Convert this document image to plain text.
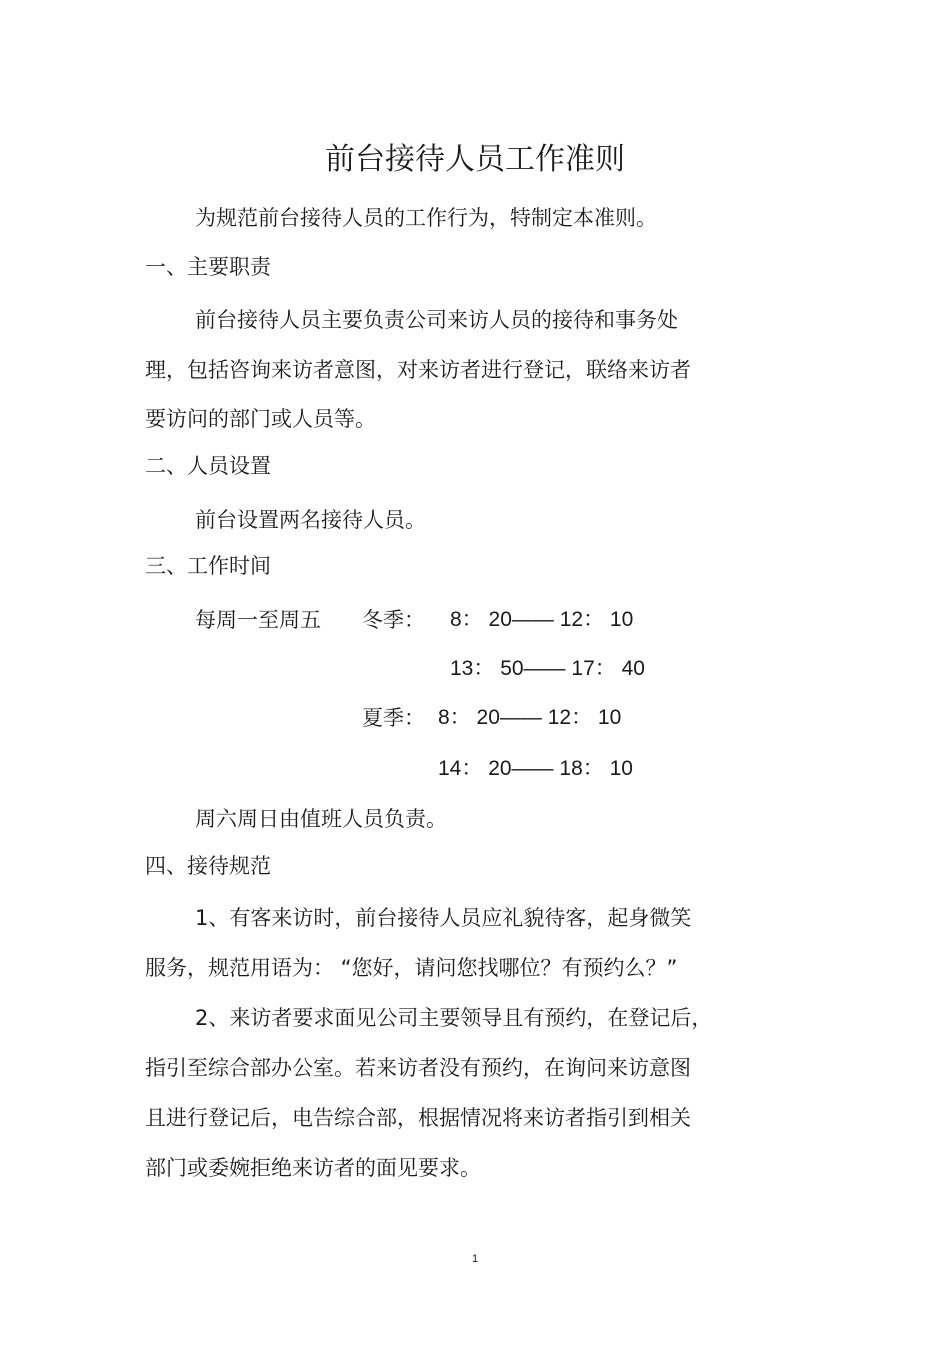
前台接待人员工作准则
为规范前台接待人员的工作行为，特制定本准则。
一、主要职责
前台接待人员主要负责公司来访人员的接待和事务处
理，包括咨询来访者意图，对来访者进行登记，联络来访者
要访问的部门或人员等。
二、人员设置
前台设置两名接待人员。
三、工作时间
每周一至周五 冬季： 8： 20—— 12： 10
13： 50—— 17： 40
夏季： 8： 20—— 12： 10
14： 20—— 18： 10
周六周日由值班人员负责。
四、接待规范
1、有客来访时，前台接待人员应礼貌待客，起身微笑
服务，规范用语为： “您好，请问您找哪位？有预约么？”
2、来访者要求面见公司主要领导且有预约，在登记后，
指引至综合部办公室。若来访者没有预约，在询问来访意图
且进行登记后，电告综合部，根据情况将来访者指引到相关
部门或委婉拒绝来访者的面见要求。
1
